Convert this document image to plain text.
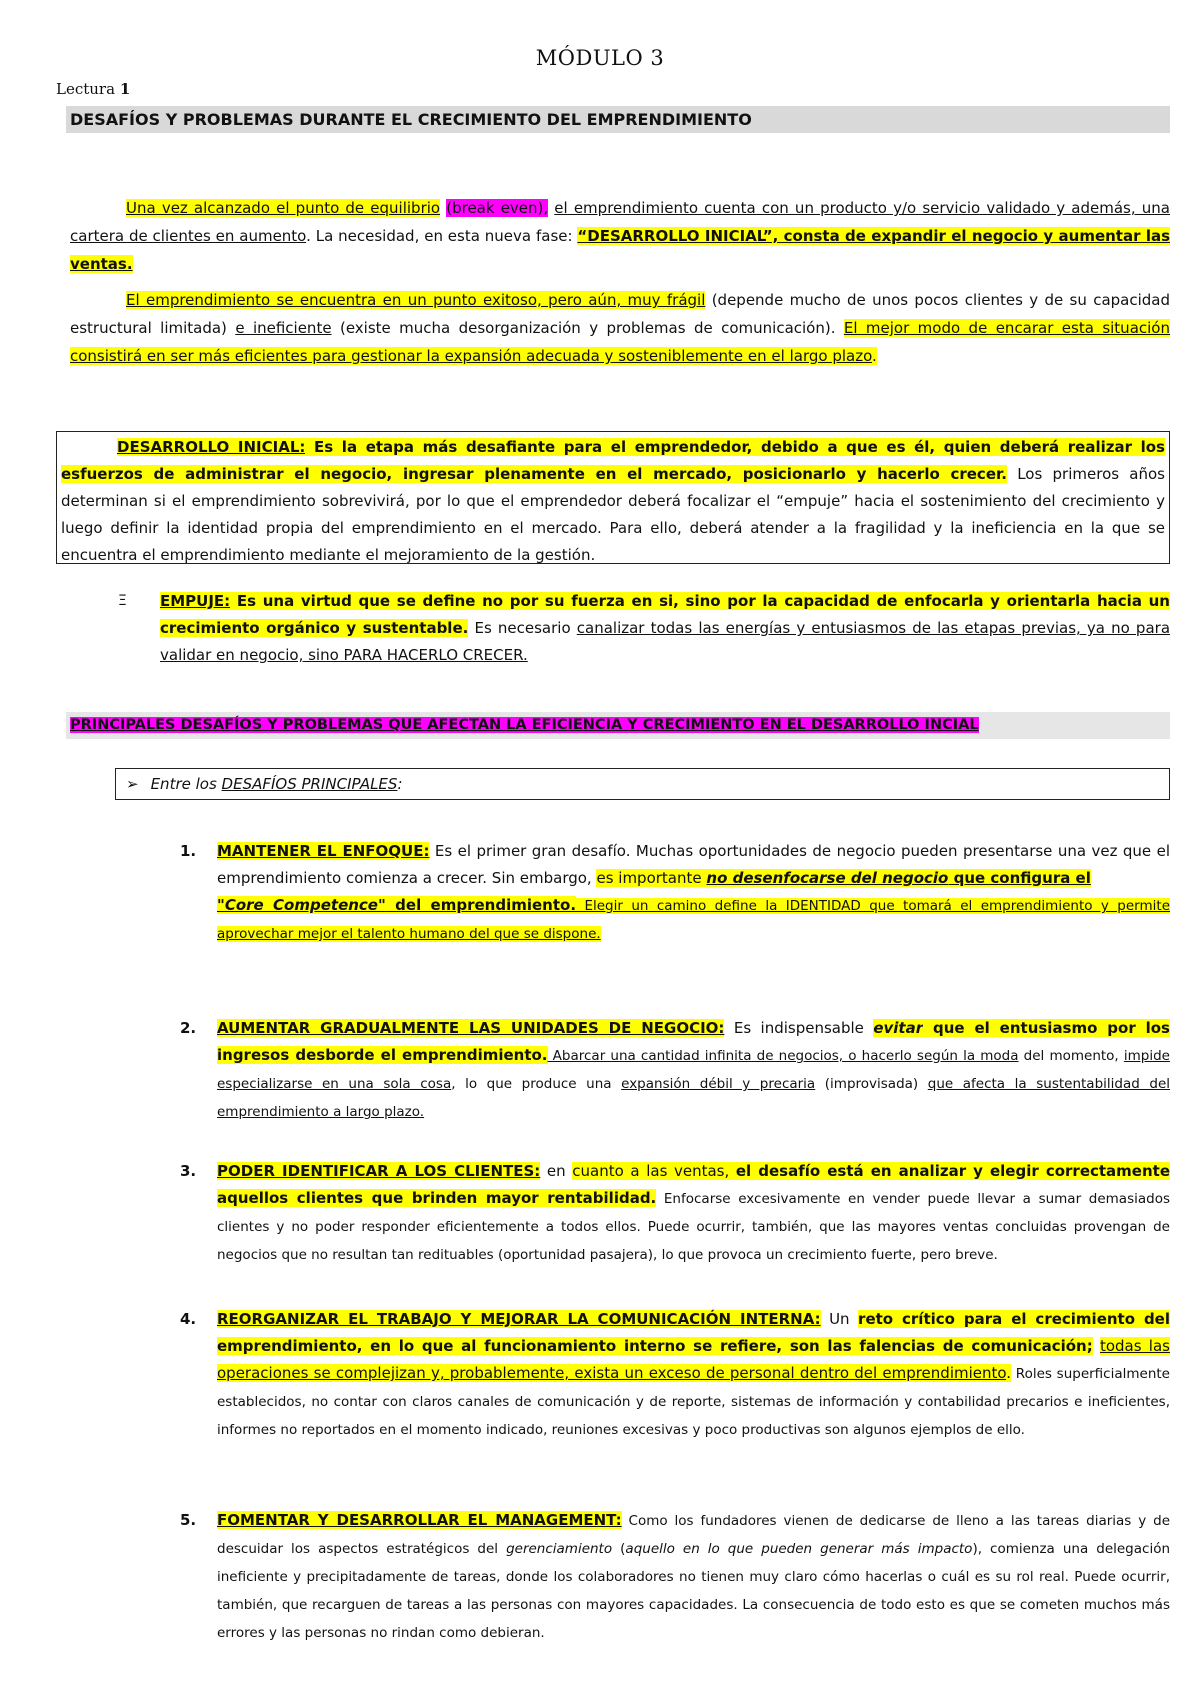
MÓDULO 3
Lectura 1
DESAFÍOS Y PROBLEMAS DURANTE EL CRECIMIENTO DEL EMPRENDIMIENTO
Una vez alcanzado el punto de equilibrio (break even), el emprendimiento cuenta con un producto y/o servicio validado y además, una cartera de clientes en aumento. La necesidad, en esta nueva fase: “DESARROLLO INICIAL”, consta de expandir el negocio y aumentar las ventas.
El emprendimiento se encuentra en un punto exitoso, pero aún, muy frágil (depende mucho de unos pocos clientes y de su capacidad estructural limitada) e ineficiente (existe mucha desorganización y problemas de comunicación). El mejor modo de encarar esta situación consistirá en ser más eficientes para gestionar la expansión adecuada y sosteniblemente en el largo plazo.
DESARROLLO INICIAL: Es la etapa más desafiante para el emprendedor, debido a que es él, quien deberá realizar los esfuerzos de administrar el negocio, ingresar plenamente en el mercado, posicionarlo y hacerlo crecer. Los primeros años determinan si el emprendimiento sobrevivirá, por lo que el emprendedor deberá focalizar el “empuje” hacia el sostenimiento del crecimiento y luego definir la identidad propia del emprendimiento en el mercado. Para ello, deberá atender a la fragilidad y la ineficiencia en la que se encuentra el emprendimiento mediante el mejoramiento de la gestión.
Ξ EMPUJE: Es una virtud que se define no por su fuerza en si, sino por la capacidad de enfocarla y orientarla hacia un crecimiento orgánico y sustentable. Es necesario canalizar todas las energías y entusiasmos de las etapas previas, ya no para validar en negocio, sino PARA HACERLO CRECER.
PRINCIPALES DESAFÍOS Y PROBLEMAS QUE AFECTAN LA EFICIENCIA Y CRECIMIENTO EN EL DESARROLLO INCIAL
➢ Entre los DESAFÍOS PRINCIPALES:
1. MANTENER EL ENFOQUE: Es el primer gran desafío. Muchas oportunidades de negocio pueden presentarse una vez que el emprendimiento comienza a crecer. Sin embargo, es importante no desenfocarse del negocio que configura el
"Core Competence" del emprendimiento. Elegir un camino define la IDENTIDAD que tomará el emprendimiento y permite aprovechar mejor el talento humano del que se dispone.
2. AUMENTAR GRADUALMENTE LAS UNIDADES DE NEGOCIO: Es indispensable evitar que el entusiasmo por los ingresos desborde el emprendimiento. Abarcar una cantidad infinita de negocios, o hacerlo según la moda del momento, impide especializarse en una sola cosa, lo que produce una expansión débil y precaria (improvisada) que afecta la sustentabilidad del emprendimiento a largo plazo.
3. PODER IDENTIFICAR A LOS CLIENTES: en cuanto a las ventas, el desafío está en analizar y elegir correctamente aquellos clientes que brinden mayor rentabilidad. Enfocarse excesivamente en vender puede llevar a sumar demasiados clientes y no poder responder eficientemente a todos ellos. Puede ocurrir, también, que las mayores ventas concluidas provengan de negocios que no resultan tan redituables (oportunidad pasajera), lo que provoca un crecimiento fuerte, pero breve.
4. REORGANIZAR EL TRABAJO Y MEJORAR LA COMUNICACIÓN INTERNA: Un reto crítico para el crecimiento del emprendimiento, en lo que al funcionamiento interno se refiere, son las falencias de comunicación; todas las operaciones se complejizan y, probablemente, exista un exceso de personal dentro del emprendimiento. Roles superficialmente establecidos, no contar con claros canales de comunicación y de reporte, sistemas de información y contabilidad precarios e ineficientes, informes no reportados en el momento indicado, reuniones excesivas y poco productivas son algunos ejemplos de ello.
5. FOMENTAR Y DESARROLLAR EL MANAGEMENT: Como los fundadores vienen de dedicarse de lleno a las tareas diarias y de descuidar los aspectos estratégicos del gerenciamiento (aquello en lo que pueden generar más impacto), comienza una delegación ineficiente y precipitadamente de tareas, donde los colaboradores no tienen muy claro cómo hacerlas o cuál es su rol real. Puede ocurrir, también, que recarguen de tareas a las personas con mayores capacidades. La consecuencia de todo esto es que se cometen muchos más errores y las personas no rindan como debieran.
